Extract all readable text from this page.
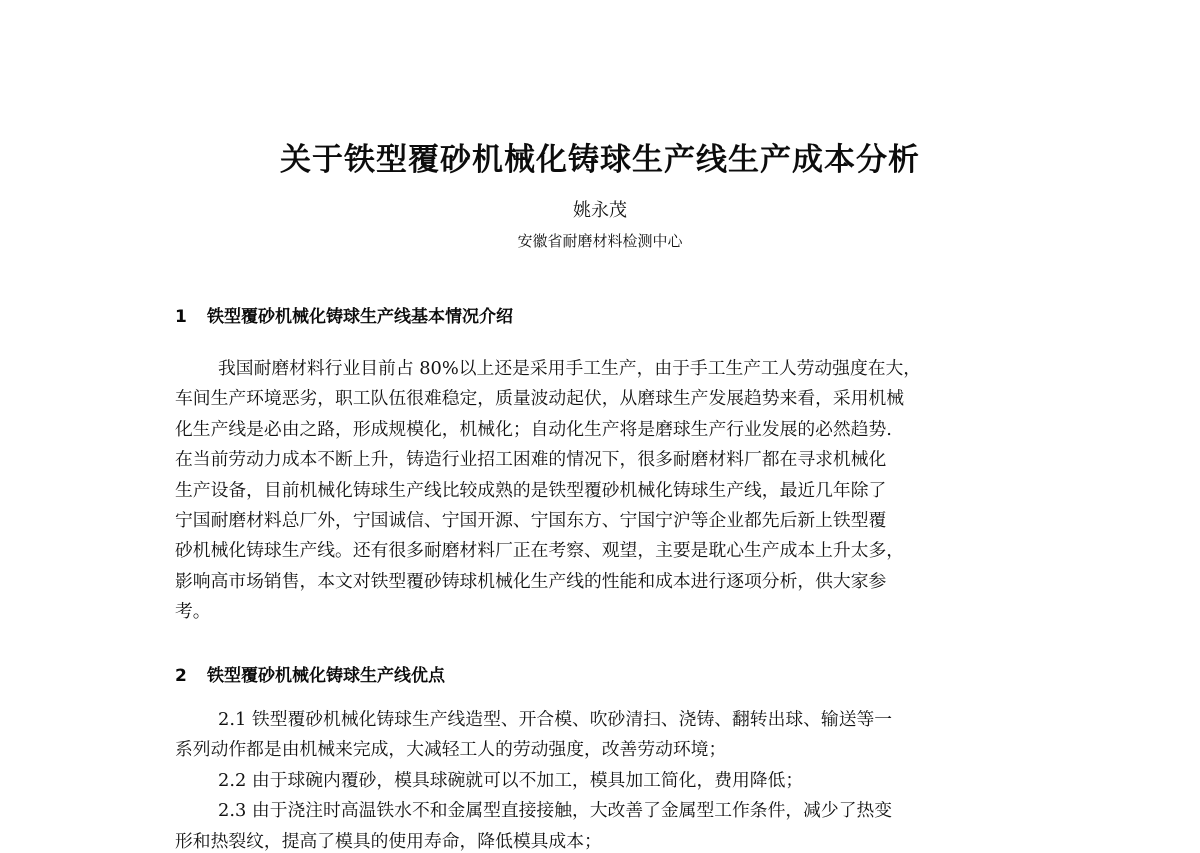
关于铁型覆砂机械化铸球生产线生产成本分析
姚永茂
安徽省耐磨材料检测中心
1 铁型覆砂机械化铸球生产线基本情况介绍
我国耐磨材料行业目前占 80%以上还是采用手工生产，由于手工生产工人劳动强度在大，
车间生产环境恶劣，职工队伍很难稳定，质量波动起伏，从磨球生产发展趋势来看，采用机械
化生产线是必由之路，形成规模化，机械化；自动化生产将是磨球生产行业发展的必然趋势.
在当前劳动力成本不断上升，铸造行业招工困难的情况下，很多耐磨材料厂都在寻求机械化
生产设备，目前机械化铸球生产线比较成熟的是铁型覆砂机械化铸球生产线，最近几年除了
宁国耐磨材料总厂外，宁国诚信、宁国开源、宁国东方、宁国宁沪等企业都先后新上铁型覆
砂机械化铸球生产线。还有很多耐磨材料厂正在考察、观望，主要是耽心生产成本上升太多，
影响高市场销售，本文对铁型覆砂铸球机械化生产线的性能和成本进行逐项分析，供大家参
考。
2 铁型覆砂机械化铸球生产线优点
2.1 铁型覆砂机械化铸球生产线造型、开合模、吹砂清扫、浇铸、翻转出球、输送等一
系列动作都是由机械来完成，大减轻工人的劳动强度，改善劳动环境；
2.2 由于球碗内覆砂，模具球碗就可以不加工，模具加工简化，费用降低；
2.3 由于浇注时高温铁水不和金属型直接接触，大改善了金属型工作条件，减少了热变
形和热裂纹，提高了模具的使用寿命，降低模具成本；
